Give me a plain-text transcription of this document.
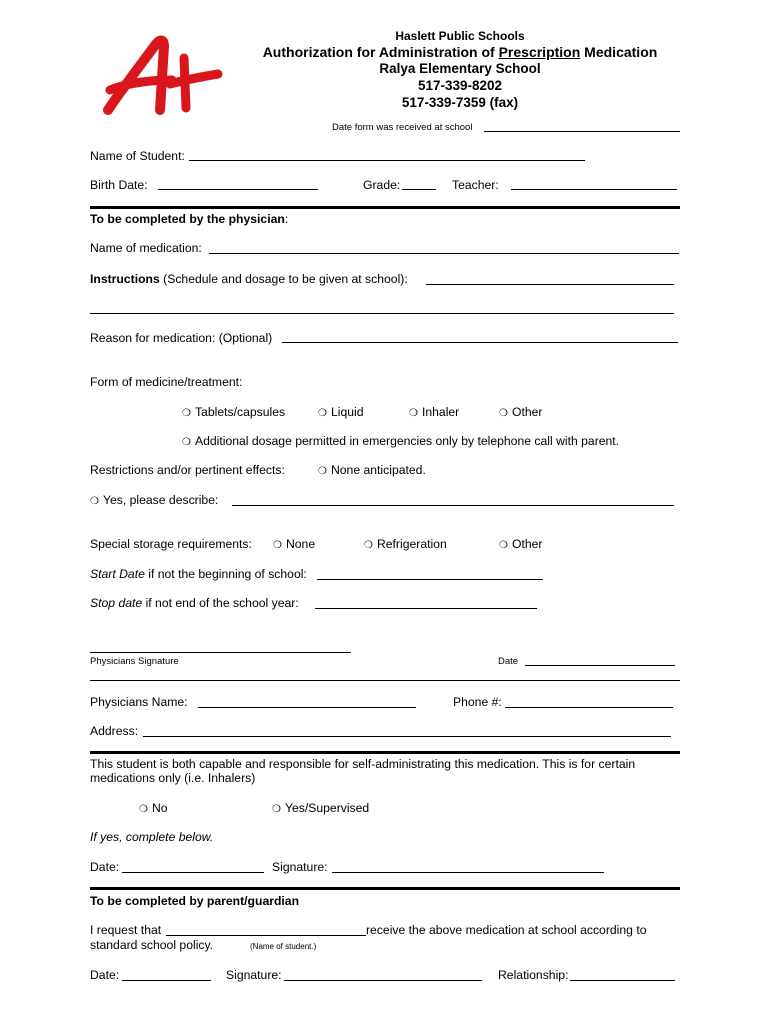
Haslett Public Schools
Authorization for Administration of Prescription Medication
Ralya Elementary School
517-339-8202
517-339-7359 (fax)
Date form was received at school
Name of Student:
Birth Date:	Grade:	Teacher:
To be completed by the physician:
Name of medication:
Instructions (Schedule and dosage to be given at school):
Reason for medication: (Optional)
Form of medicine/treatment:
❍ Tablets/capsules	❍ Liquid	❍ Inhaler	❍ Other
❍ Additional dosage permitted in emergencies only by telephone call with parent.
Restrictions and/or pertinent effects:	❍ None anticipated.
❍ Yes, please describe:
Special storage requirements: ❍ None	❍ Refrigeration	❍ Other
Start Date if not the beginning of school:
Stop date if not end of the school year:
Physicians Signature	Date
Physicians Name:	Phone #:
Address:
This student is both capable and responsible for self-administrating this medication. This is for certain
medications only (i.e. Inhalers)
❍ No	❍ Yes/Supervised
If yes, complete below.
Date:	Signature:
To be completed by parent/guardian
I request that	receive the above medication at school according to
standard school policy.	(Name of student.)
Date:	Signature:	Relationship:
